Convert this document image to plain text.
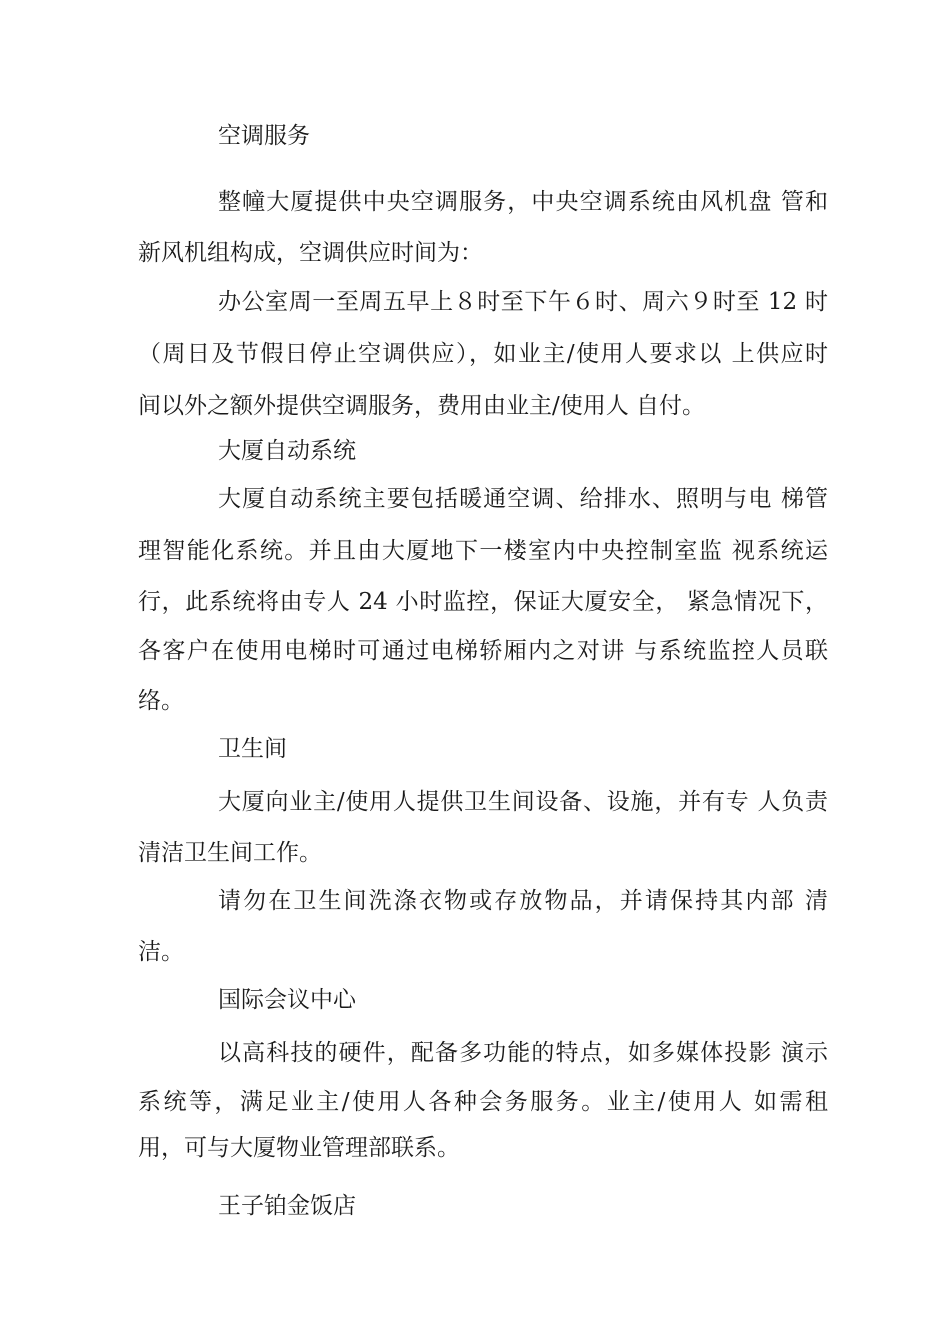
空调服务
整幢大厦提供中央空调服务，中央空调系统由风机盘 管和
新风机组构成，空调供应时间为：
办公室周一至周五早上８时至下午６时、周六９时至 12 时
（周日及节假日停止空调供应），如业主/使用人要求以 上供应时
间以外之额外提供空调服务，费用由业主/使用人 自付。
大厦自动系统
大厦自动系统主要包括暖通空调、给排水、照明与电 梯管
理智能化系统。并且由大厦地下一楼室内中央控制室监 视系统运
行，此系统将由专人 24 小时监控，保证大厦安全， 紧急情况下，
各客户在使用电梯时可通过电梯轿厢内之对讲 与系统监控人员联
络。
卫生间
大厦向业主/使用人提供卫生间设备、设施，并有专 人负责
清洁卫生间工作。
请勿在卫生间洗涤衣物或存放物品，并请保持其内部 清
洁。
国际会议中心
以高科技的硬件，配备多功能的特点，如多媒体投影 演示
系统等，满足业主/使用人各种会务服务。业主/使用人 如需租
用，可与大厦物业管理部联系。
王子铂金饭店
